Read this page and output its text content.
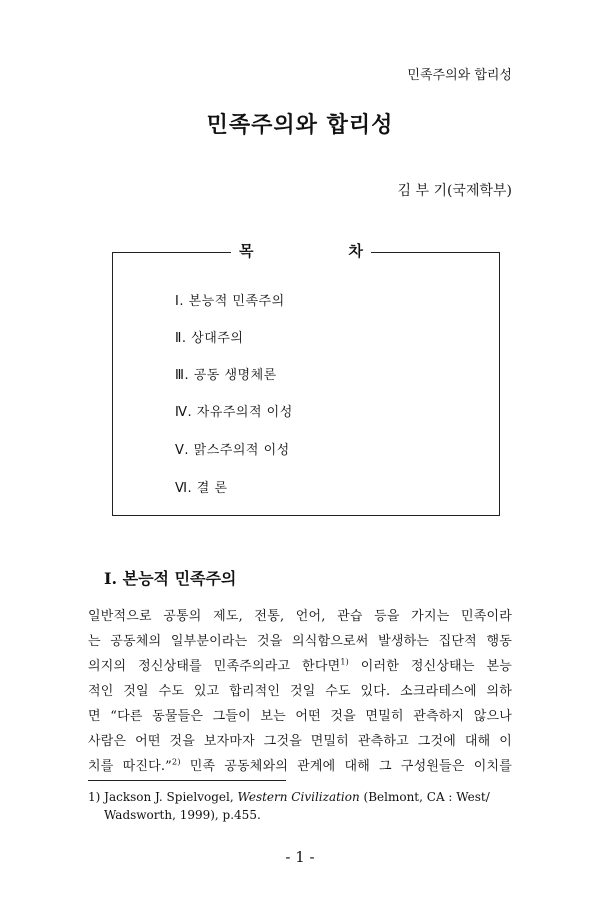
민족주의와 합리성
민족주의와 합리성
김 부 기(국제학부)
목	차
Ⅰ. 본능적 민족주의
Ⅱ. 상대주의
Ⅲ. 공동 생명체론
Ⅳ. 자유주의적 이성
Ⅴ. 맑스주의적 이성
Ⅵ. 결 론
Ⅰ. 본능적 민족주의
일반적으로 공통의 제도, 전통, 언어, 관습 등을 가지는 민족이라
는 공동체의 일부분이라는 것을 의식함으로써 발생하는 집단적 행동
의지의 정신상태를 민족주의라고 한다면$^{1)}$ 이러한 정신상태는 본능
적인 것일 수도 있고 합리적인 것일 수도 있다. 소크라테스에 의하
면 “다른 동물들은 그들이 보는 어떤 것을 면밀히 관측하지 않으나
사람은 어떤 것을 보자마자 그것을 면밀히 관측하고 그것에 대해 이
치를 따진다.”$^{2)}$ 민족 공동체와의 관계에 대해 그 구성원들은 이치를
1) Jackson J. Spielvogel, Western Civilization (Belmont, CA : West/
Wadsworth, 1999), p.455.
- 1 -
